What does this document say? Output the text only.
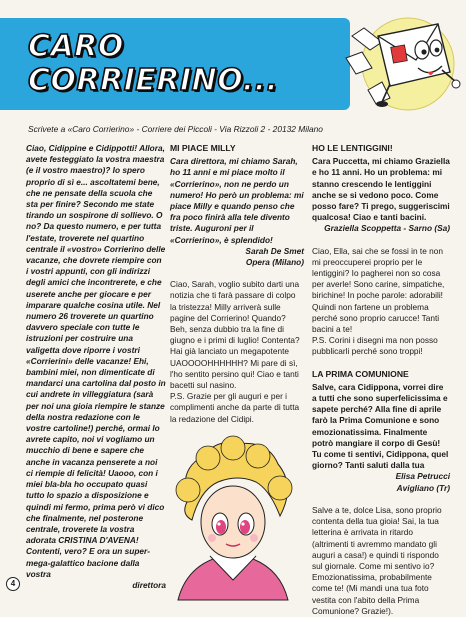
CARO
CORRIERINO...
Scrivete a «Caro Corrierino» - Corriere dei Piccoli - Via Rizzoli 2 - 20132 Milano

Ciao, Cidippine e Cidippotti! Allora, avete festeggiato la vostra maestra (e il vostro maestro)? Io spero proprio di sì e... ascoltatemi bene, che ne pensate della scuola che sta per finire? Secondo me state tirando un sospirone di sollievo. O no? Da questo numero, e per tutta l'estate, troverete nel quartino centrale il «vostro» Corrierino delle vacanze, che dovrete riempire con i vostri appunti, con gli indirizzi degli amici che incontrerete, e che userete anche per giocare e per imparare qualche cosina utile. Nel numero 26 troverete un quartino davvero speciale con tutte le istruzioni per costruire una valigetta dove riporre i vostri «Corrierini» delle vacanze! Ehi, bambini miei, non dimenticate di mandarci una cartolina dal posto in cui andrete in villeggiatura (sarà per noi una gioia riempire le stanze della nostra redazione con le vostre cartoline!) perché, ormai lo avrete capito, noi vi vogliamo un mucchio di bene e sapere che anche in vacanza penserete a noi ci riempie di felicità! Uaooo, con i miei bla-bla ho occupato quasi tutto lo spazio a disposizione e quindi mi fermo, prima però vi dico che finalmente, nel posterone centrale, troverete la vostra adorata CRISTINA D'AVENA! Contenti, vero? E ora un super-mega-galattico bacione dalla vostra

direttora

MI PIACE MILLY

Cara direttora, mi chiamo Sarah, ho 11 anni e mi piace molto il «Corrierino», non ne perdo un numero! Ho però un problema: mi piace Milly e quando penso che fra poco finirà alla tele divento triste. Auguroni per il «Corrierino», è splendido!

Sarah De Smet

Opera (Milano)

Ciao, Sarah, voglio subito darti una notizia che ti farà passare di colpo la tristezza! Milly arriverà sulle pagine del Corrierino! Quando? Beh, senza dubbio tra la fine di giugno e i primi di luglio! Contenta? Hai già lanciato un megapotente UAOOOOHHHHHH? Mi pare di sì, l'ho sentito persino qui! Ciao e tanti bacetti sul nasino.

P.S. Grazie per gli auguri e per i complimenti anche da parte di tutta la redazione del Cidipi.

HO LE LENTIGGINI!

Cara Puccetta, mi chiamo Graziella e ho 11 anni. Ho un problema: mi stanno crescendo le lentiggini anche se si vedono poco. Come posso fare? Ti prego, suggeriscimi qualcosa! Ciao e tanti bacini.

Graziella Scoppetta - Sarno (Sa)

Ciao, Ella, sai che se fossi in te non mi preoccuperei proprio per le lentiggini? Io pagherei non so cosa per averle! Sono carine, simpatiche, birichine! In poche parole: adorabili! Quindi non fartene un problema perché sono proprio carucce! Tanti bacini a te!

P.S. Corini i disegni ma non posso pubblicarli perché sono troppi!

LA PRIMA COMUNIONE

Salve, cara Cidippona, vorrei dire a tutti che sono superfelicissima e sapete perché? Alla fine di aprile farò la Prima Comunione e sono emozionatissima. Finalmente potrò mangiare il corpo di Gesù! Tu come ti sentivi, Cidippona, quel giorno? Tanti saluti dalla tua

Elisa Petrucci

Avigliano (Tr)

Salve a te, dolce Lisa, sono proprio contenta della tua gioia! Sai, la tua letterina è arrivata in ritardo (altrimenti ti avremmo mandato gli auguri a casa!) e quindi ti rispondo sul giornale. Come mi sentivo io? Emozionatissima, probabilmente come te! (Mi mandi una tua foto vestita con l'abito della Prima Comunione? Grazie!).

4
